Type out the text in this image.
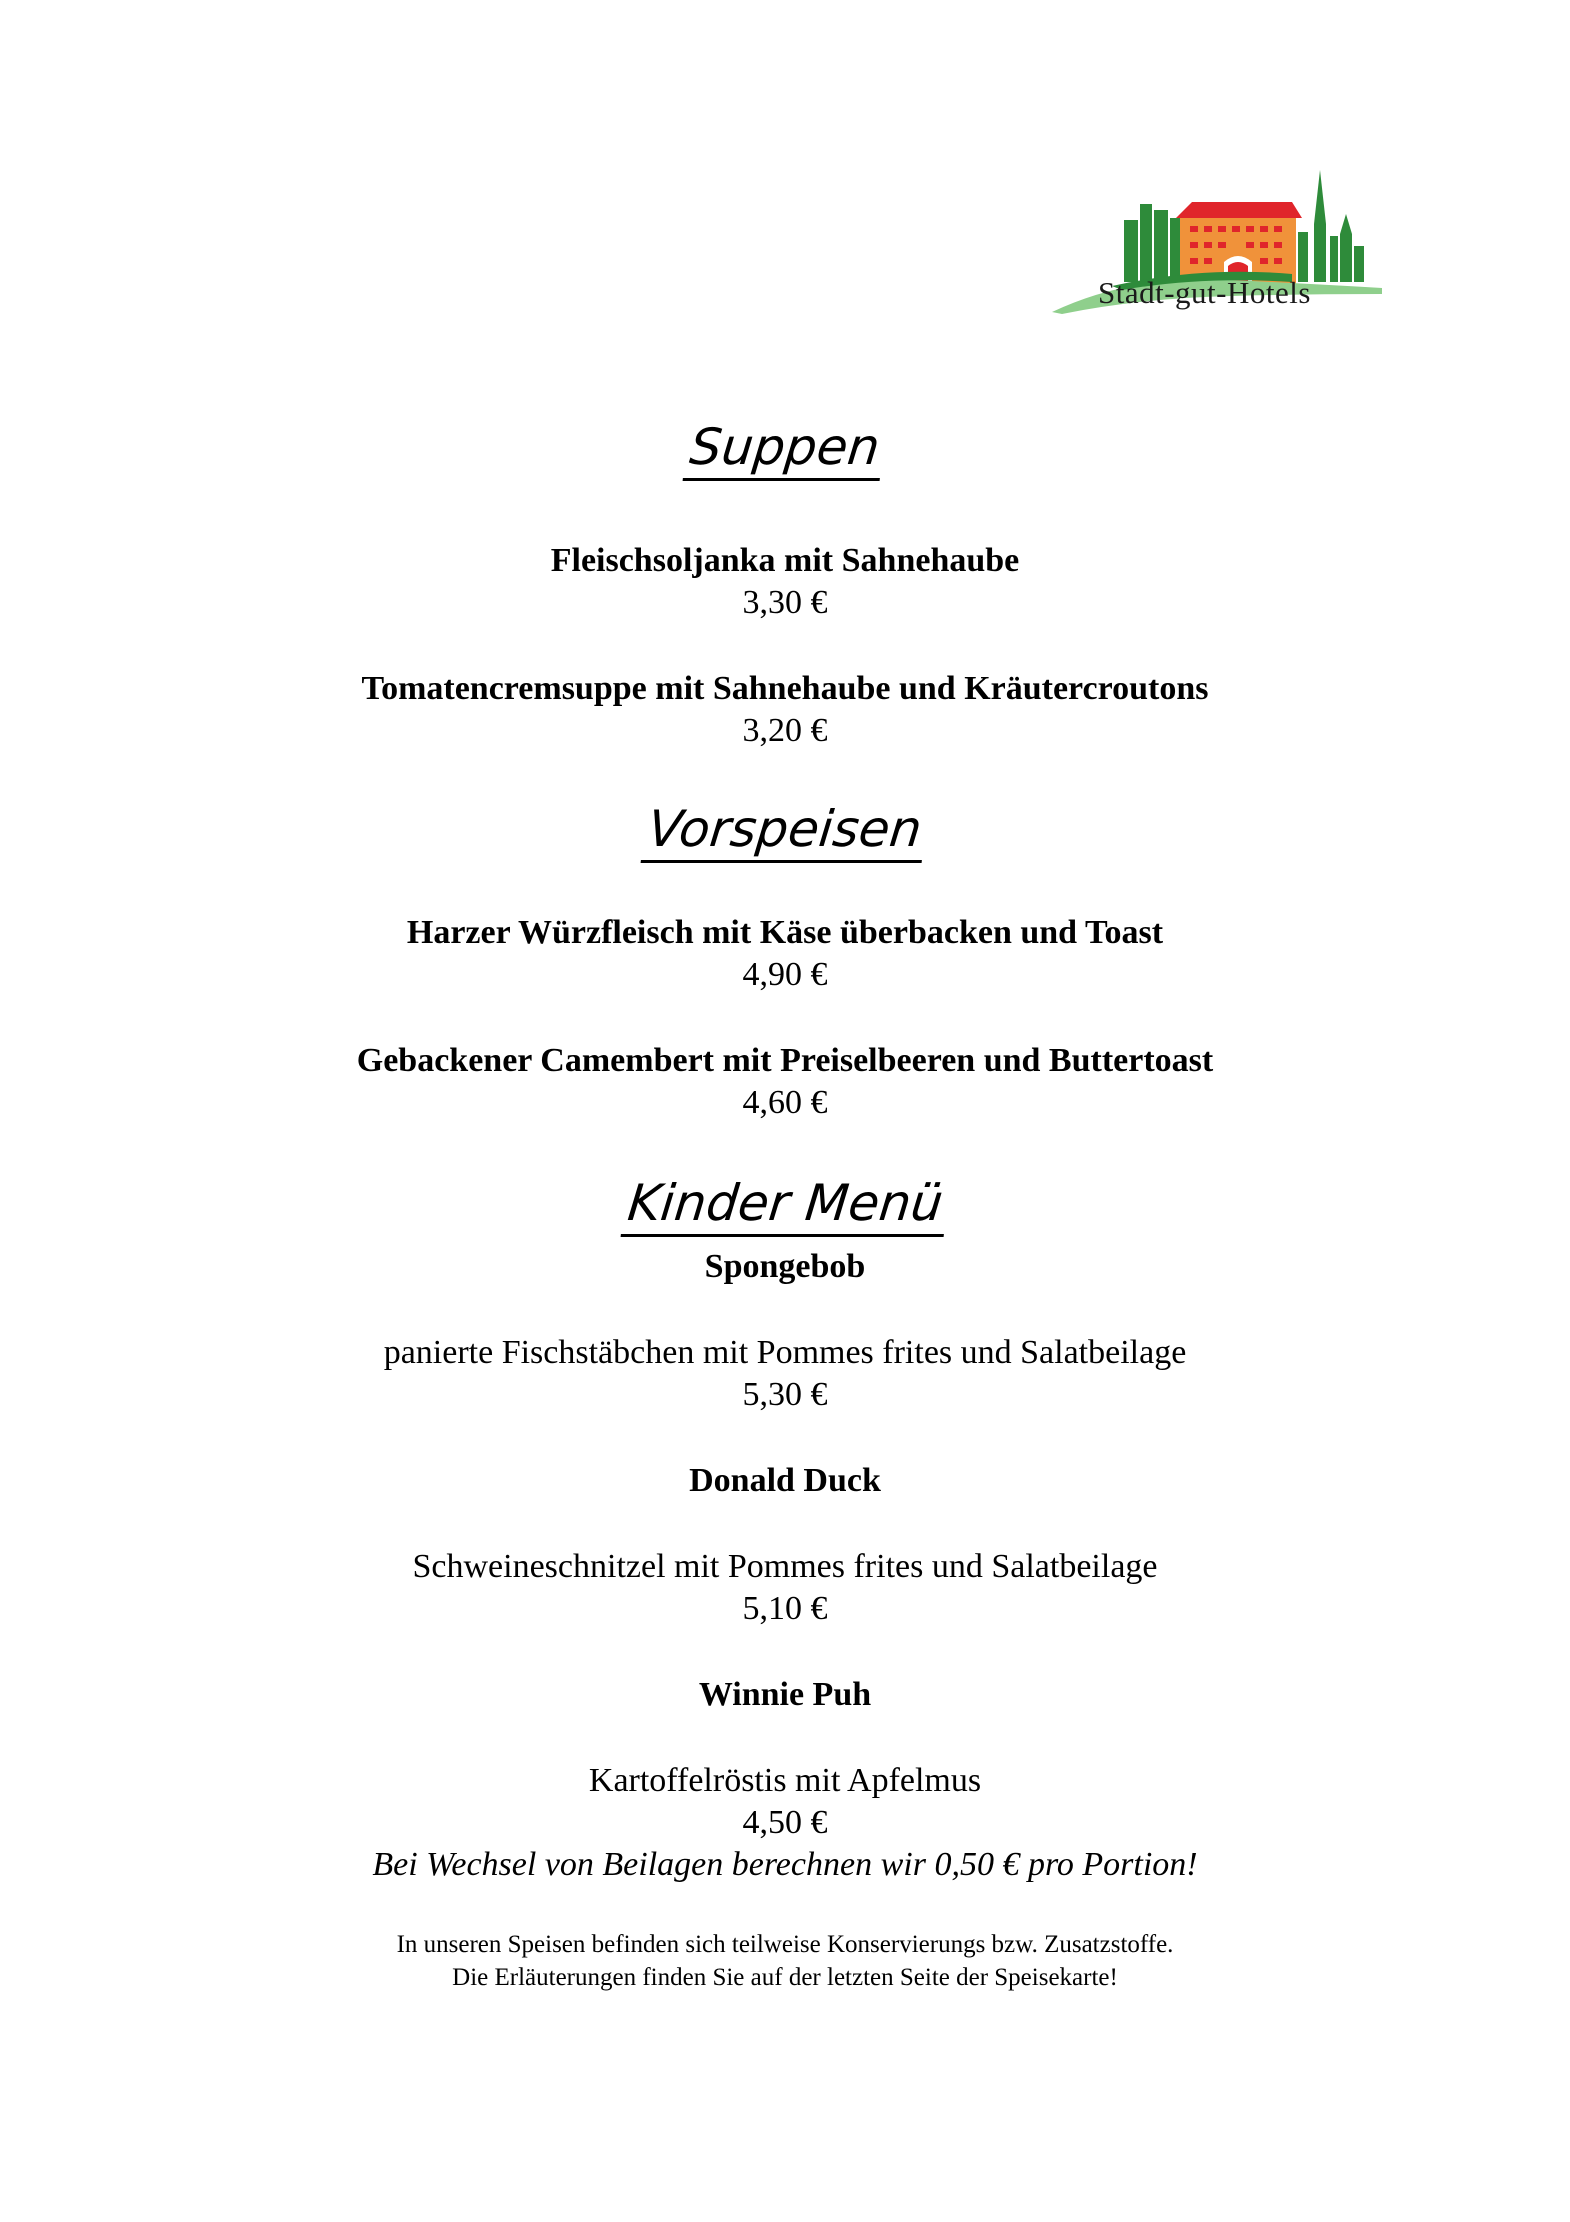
Stadt-gut-Hotels
Suppen
Fleischsoljanka mit Sahnehaube
3,30 €
Tomatencremsuppe mit Sahnehaube und Kräutercroutons
3,20 €
Vorspeisen
Harzer Würzfleisch mit Käse überbacken und Toast
4,90 €
Gebackener Camembert mit Preiselbeeren und Buttertoast
4,60 €
Kinder Menü
Spongebob
panierte Fischstäbchen mit Pommes frites und Salatbeilage
5,30 €
Donald Duck
Schweineschnitzel mit Pommes frites und Salatbeilage
5,10 €
Winnie Puh
Kartoffelröstis mit Apfelmus
4,50 €
Bei Wechsel von Beilagen berechnen wir 0,50 € pro Portion!
In unseren Speisen befinden sich teilweise Konservierungs bzw. Zusatzstoffe.
Die Erläuterungen finden Sie auf der letzten Seite der Speisekarte!
